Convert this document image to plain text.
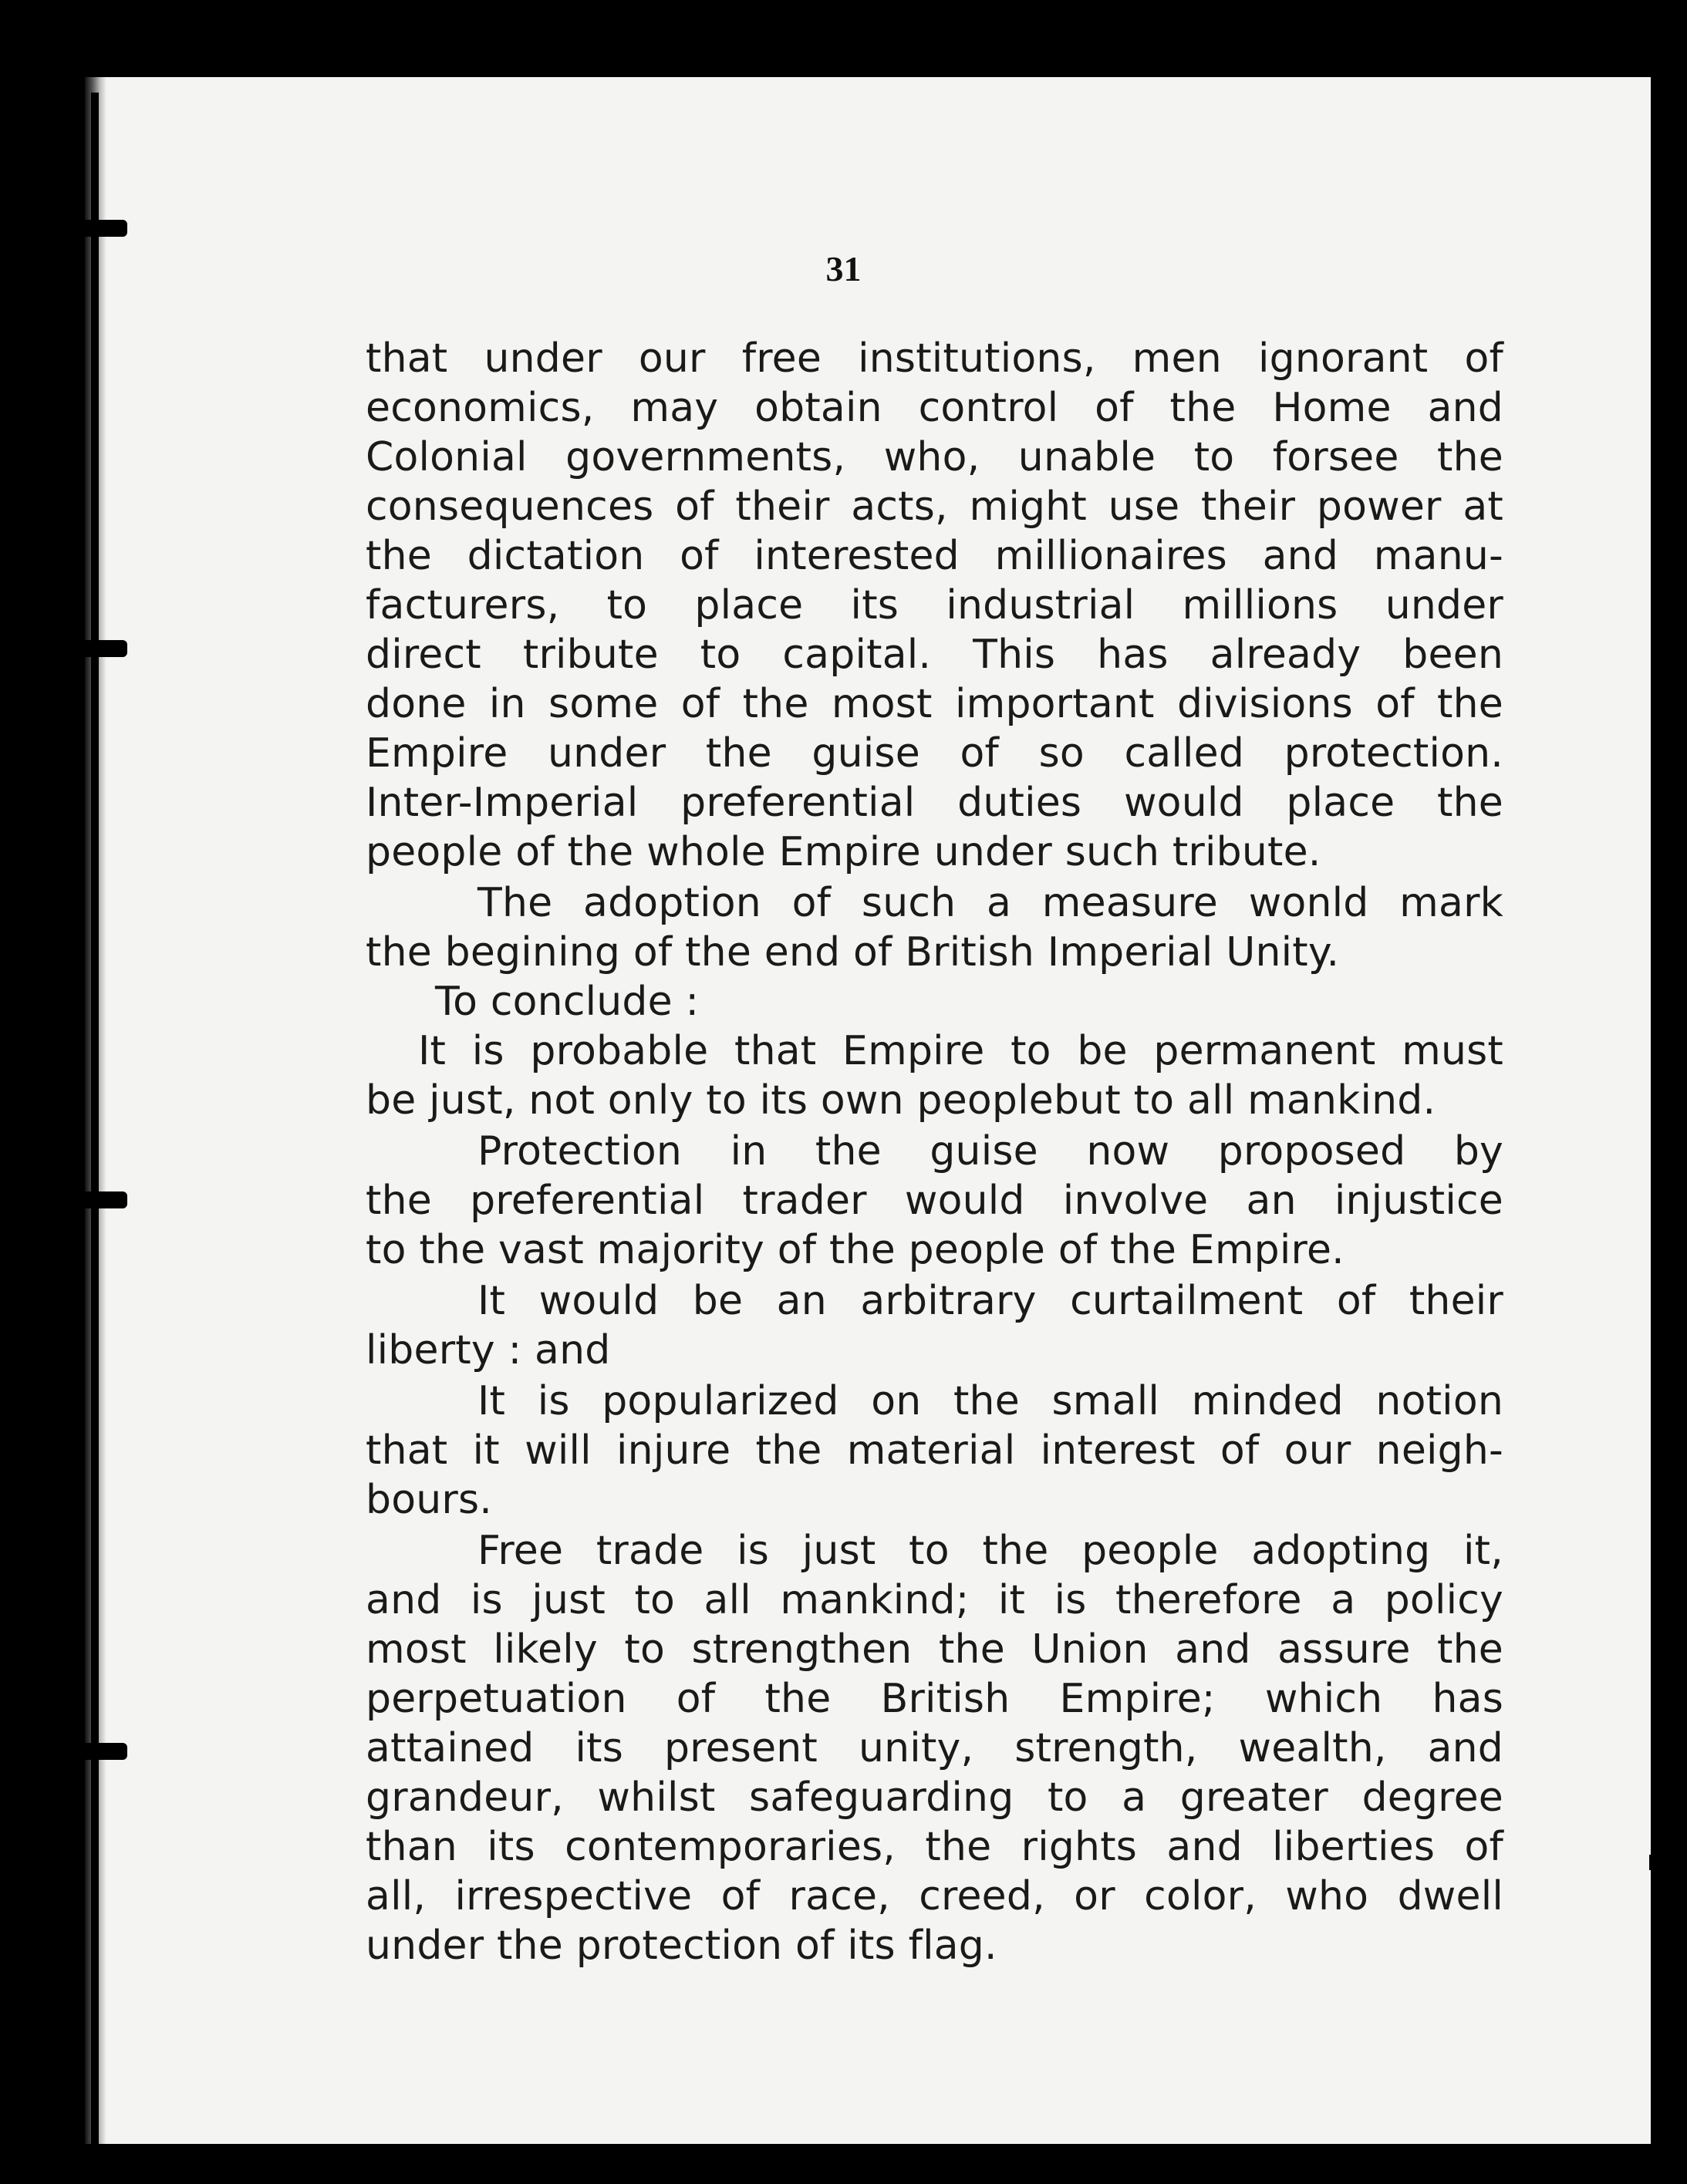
31
that under our free institutions, men ignorant of
economics, may obtain control of the Home and
Colonial governments, who, unable to forsee the
consequences of their acts, might use their power at
the dictation of interested millionaires and manu-
facturers, to place its industrial millions under
direct tribute to capital. This has already been
done in some of the most important divisions of the
Empire under the guise of so called protection.
Inter-Imperial preferential duties would place the
people of the whole Empire under such tribute.
The adoption of such a measure wonld mark
the begining of the end of British Imperial Unity.
To conclude :
It is probable that Empire to be permanent must
be just, not only to its own peoplebut to all mankind.
Protection in the guise now proposed by
the preferential trader would involve an injustice
to the vast majority of the people of the Empire.
It would be an arbitrary curtailment of their
liberty : and
It is popularized on the small minded notion
that it will injure the material interest of our neigh-
bours.
Free trade is just to the people adopting it,
and is just to all mankind; it is therefore a policy
most likely to strengthen the Union and assure the
perpetuation of the British Empire; which has
attained its present unity, strength, wealth, and
grandeur, whilst safeguarding to a greater degree
than its contemporaries, the rights and liberties of
all, irrespective of race, creed, or color, who dwell
under the protection of its flag.
